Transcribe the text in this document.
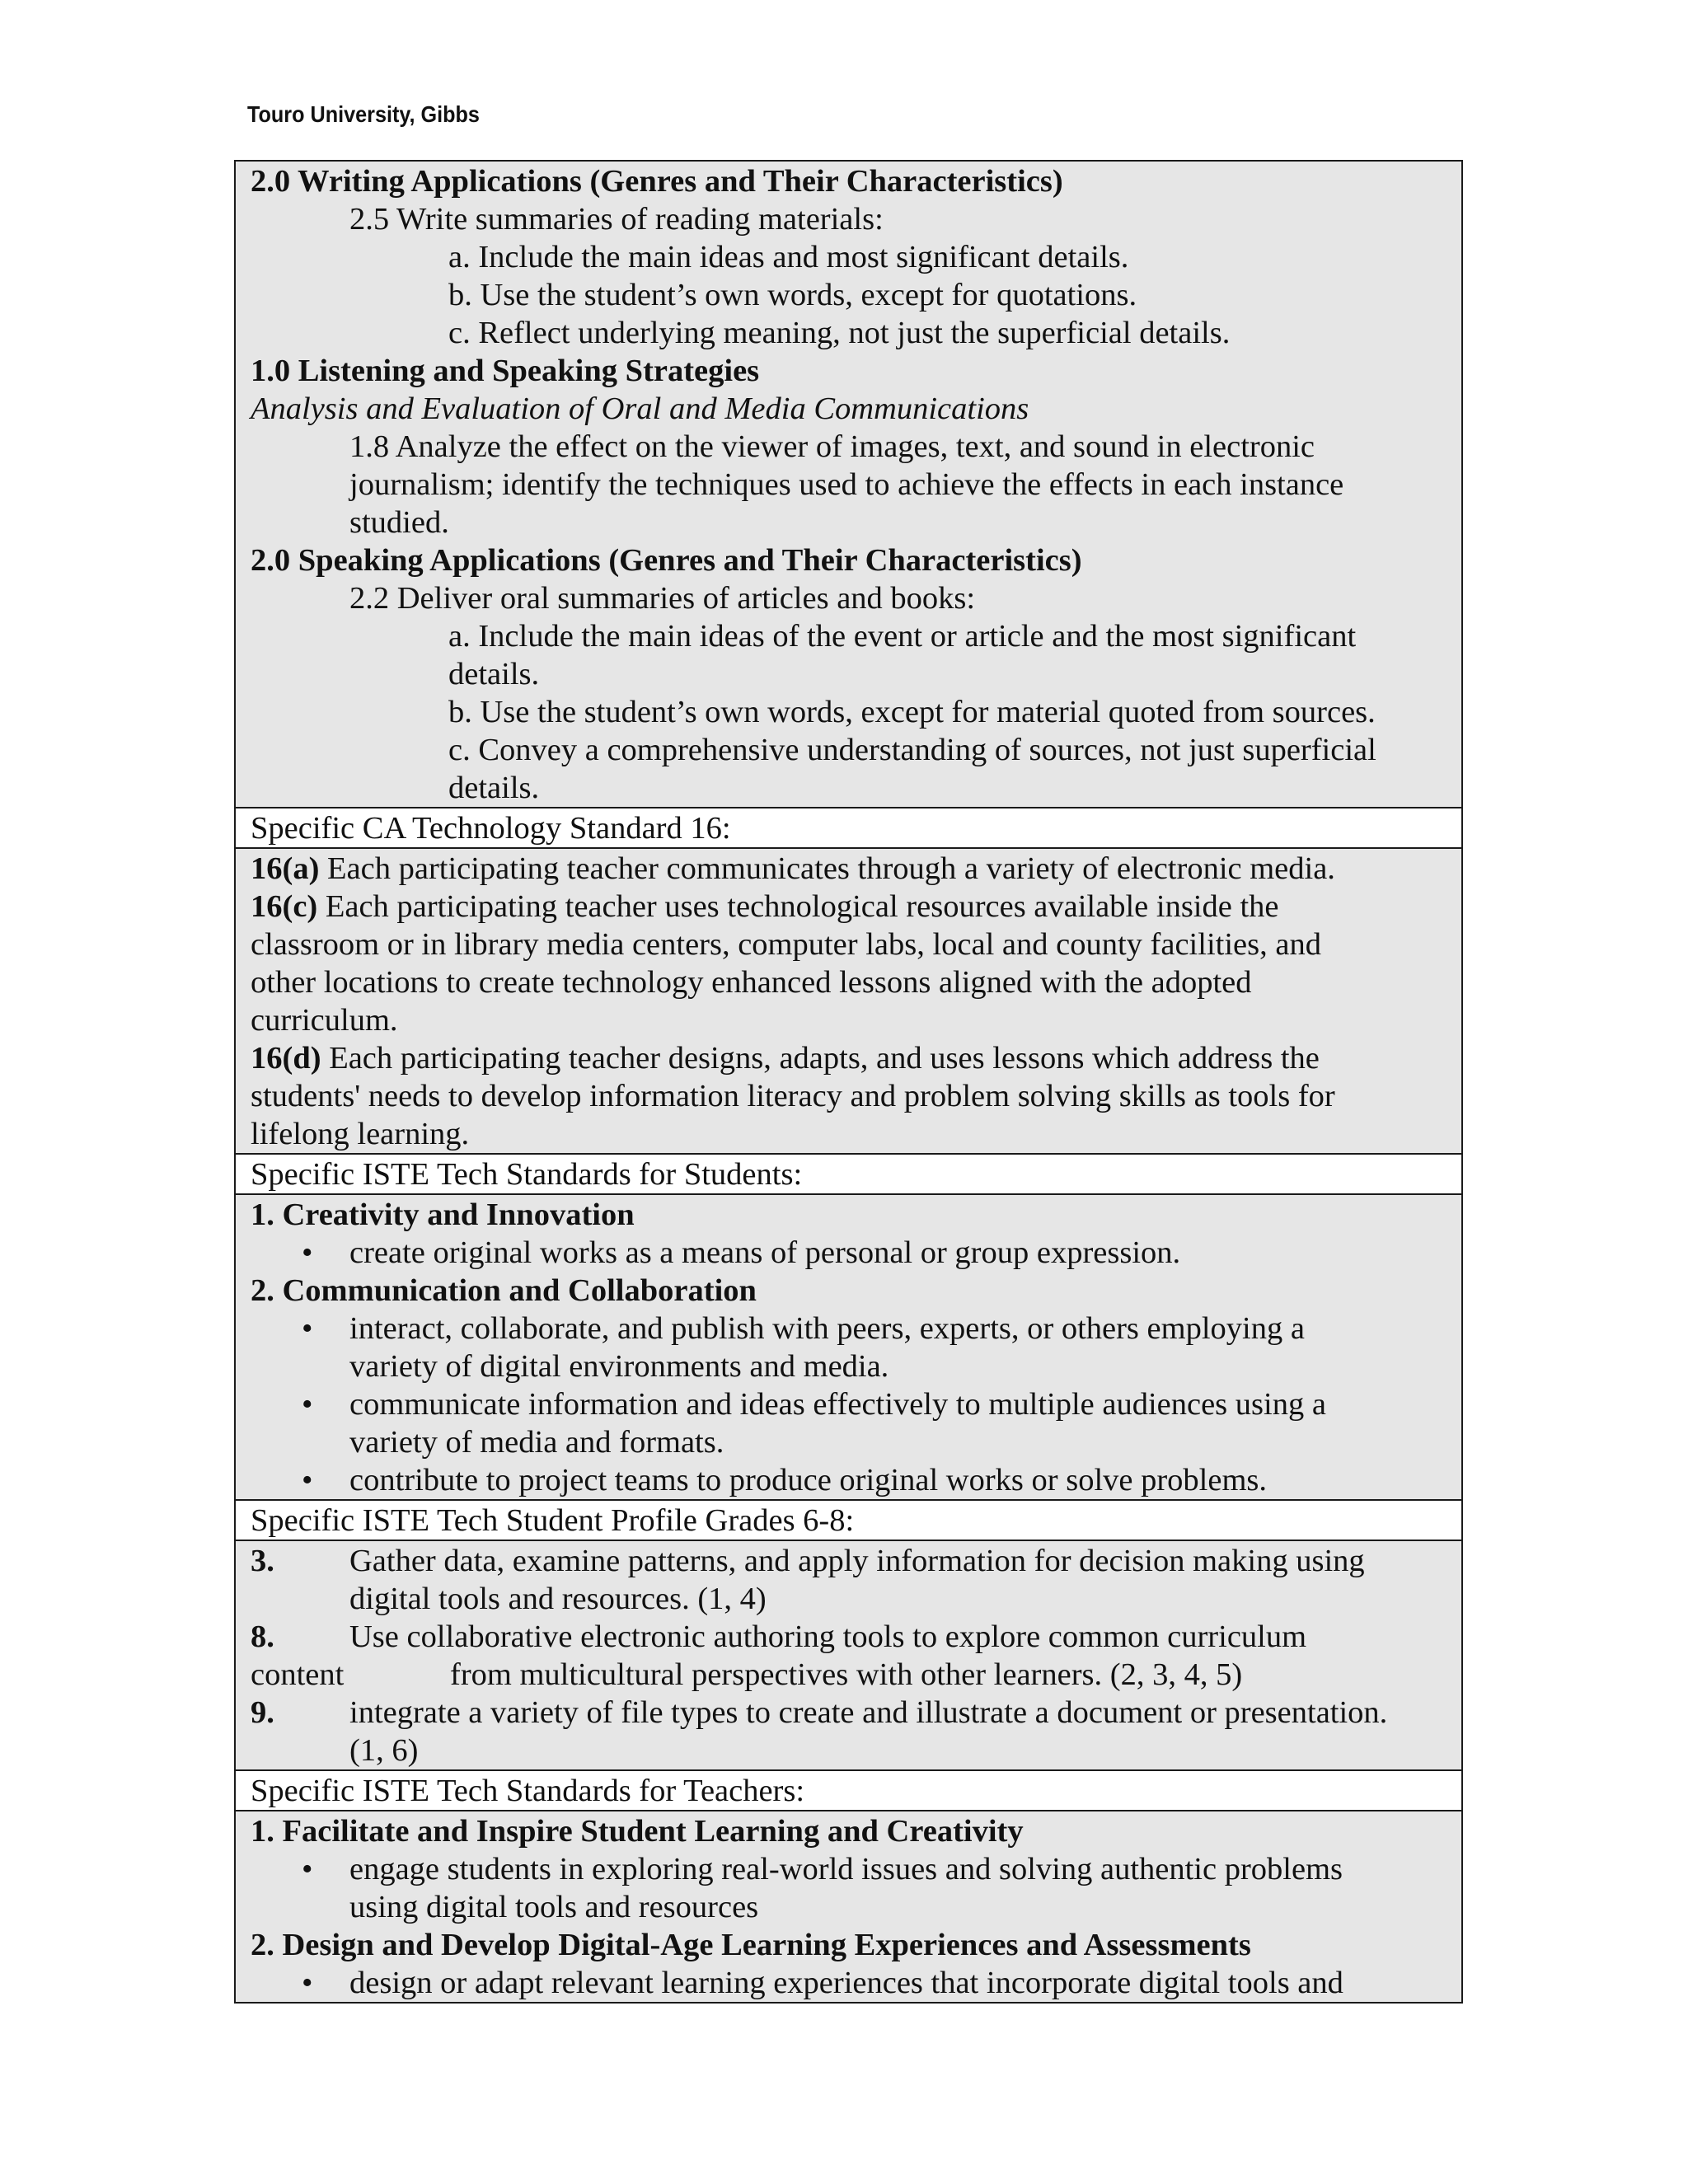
Touro University, Gibbs
2.0 Writing Applications (Genres and Their Characteristics)
2.5 Write summaries of reading materials:
a. Include the main ideas and most significant details.
b. Use the student’s own words, except for quotations.
c. Reflect underlying meaning, not just the superficial details.
1.0 Listening and Speaking Strategies
Analysis and Evaluation of Oral and Media Communications
1.8 Analyze the effect on the viewer of images, text, and sound in electronic
journalism; identify the techniques used to achieve the effects in each instance
studied.
2.0 Speaking Applications (Genres and Their Characteristics)
2.2 Deliver oral summaries of articles and books:
a. Include the main ideas of the event or article and the most significant
details.
b. Use the student’s own words, except for material quoted from sources.
c. Convey a comprehensive understanding of sources, not just superficial
details.
Specific CA Technology Standard 16:
16(a) Each participating teacher communicates through a variety of electronic media.
16(c) Each participating teacher uses technological resources available inside the
classroom or in library media centers, computer labs, local and county facilities, and
other locations to create technology enhanced lessons aligned with the adopted
curriculum.
16(d) Each participating teacher designs, adapts, and uses lessons which address the
students' needs to develop information literacy and problem solving skills as tools for
lifelong learning.
Specific ISTE Tech Standards for Students:
1. Creativity and Innovation
• create original works as a means of personal or group expression.
2. Communication and Collaboration
• interact, collaborate, and publish with peers, experts, or others employing a
variety of digital environments and media.
• communicate information and ideas effectively to multiple audiences using a
variety of media and formats.
• contribute to project teams to produce original works or solve problems.
Specific ISTE Tech Student Profile Grades 6-8:
3. Gather data, examine patterns, and apply information for decision making using
digital tools and resources. (1, 4)
8. Use collaborative electronic authoring tools to explore common curriculum
content	from multicultural perspectives with other learners. (2, 3, 4, 5)
9. integrate a variety of file types to create and illustrate a document or presentation.
(1, 6)
Specific ISTE Tech Standards for Teachers:
1. Facilitate and Inspire Student Learning and Creativity
• engage students in exploring real-world issues and solving authentic problems
using digital tools and resources
2. Design and Develop Digital-Age Learning Experiences and Assessments
• design or adapt relevant learning experiences that incorporate digital tools and
